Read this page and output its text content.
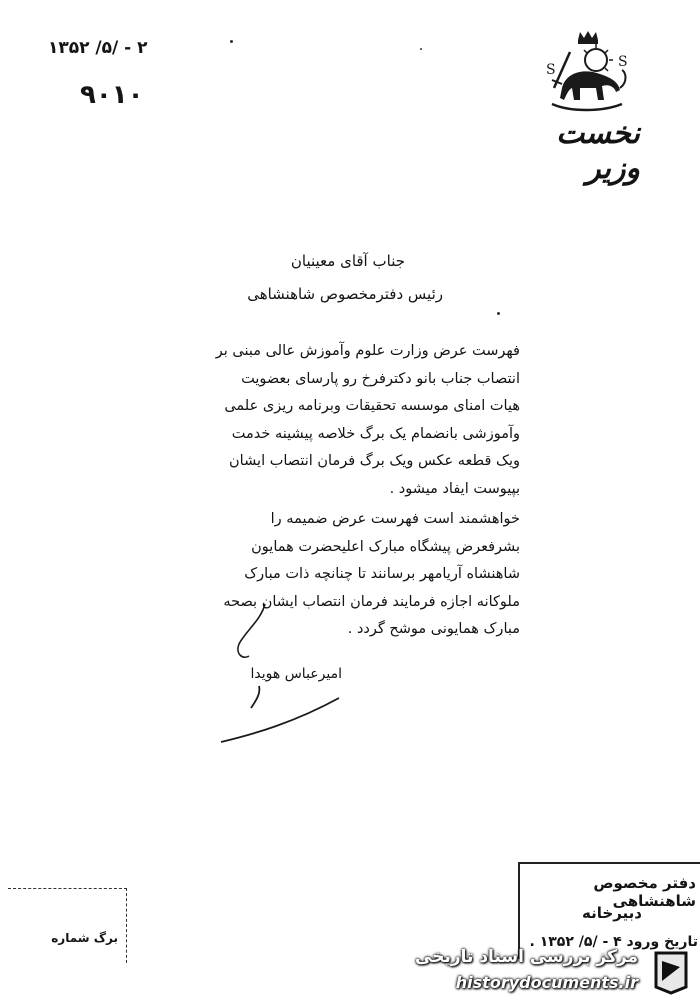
۱۳۵۲ /۵/ - ۲
۹۰۱۰
S	S
نخست وزیر
جناب آقای معینیان
رئیس دفترمخصوص شاهنشاهی
فهرست عرض وزارت علوم وآموزش عالی مبنی بر
انتصاب جناب بانو دکترفرخ رو پارسای بعضویت
هیات امنای موسسه تحقیقات وبرنامه ریزی علمی
وآموزشی بانضمام یک برگ خلاصه پیشینه خدمت
ویک قطعه عکس ویک برگ فرمان انتصاب ایشان
بپیوست ایفاد میشود .
خواهشمند است فهرست عرض ضمیمه را
بشرفعرض پیشگاه مبارک اعلیحضرت همایون
شاهنشاه آریامهر برسانند تا چنانچه ذات مبارک
ملوکانه اجازه فرمایند فرمان انتصاب ایشان بصحه
مبارک همایونی موشح گردد .
امیرعباس هویدا
دفتر مخصوص شاهنشاهی
دبیرخانه
تاریخ ورود ۴ - /۵/ ۱۳۵۲ .
برگ شماره
مرکز بررسی اسناد تاریخی
historydocuments.ir
